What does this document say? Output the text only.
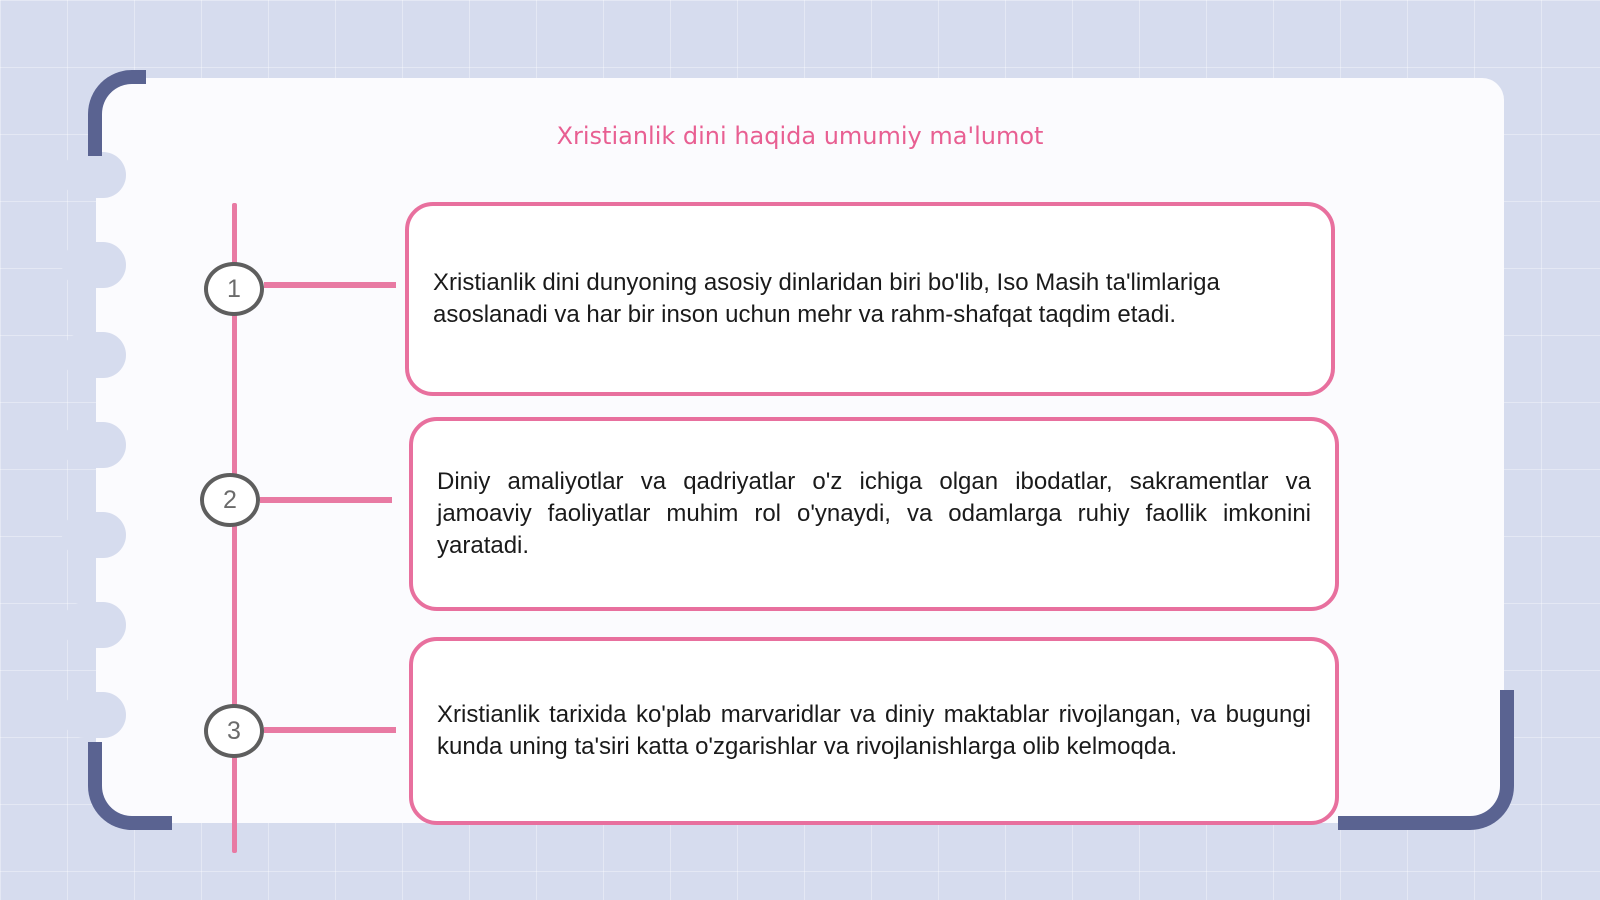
Xristianlik dini haqida umumiy ma'lumot
1	Xristianlik dini dunyoning asosiy dinlaridan biri bo'lib, Iso Masih ta'limlariga asoslanadi va har bir inson uchun mehr va rahm-shafqat taqdim etadi.
2
Diniy amaliyotlar va qadriyatlar o'z ichiga olgan ibodatlar, sakramentlar va jamoaviy faoliyatlar muhim rol o'ynaydi, va odamlarga ruhiy faollik imkonini yaratadi.
3
Xristianlik tarixida ko'plab marvaridlar va diniy maktablar rivojlangan, va bugungi kunda uning ta'siri katta o'zgarishlar va rivojlanishlarga olib kelmoqda.
